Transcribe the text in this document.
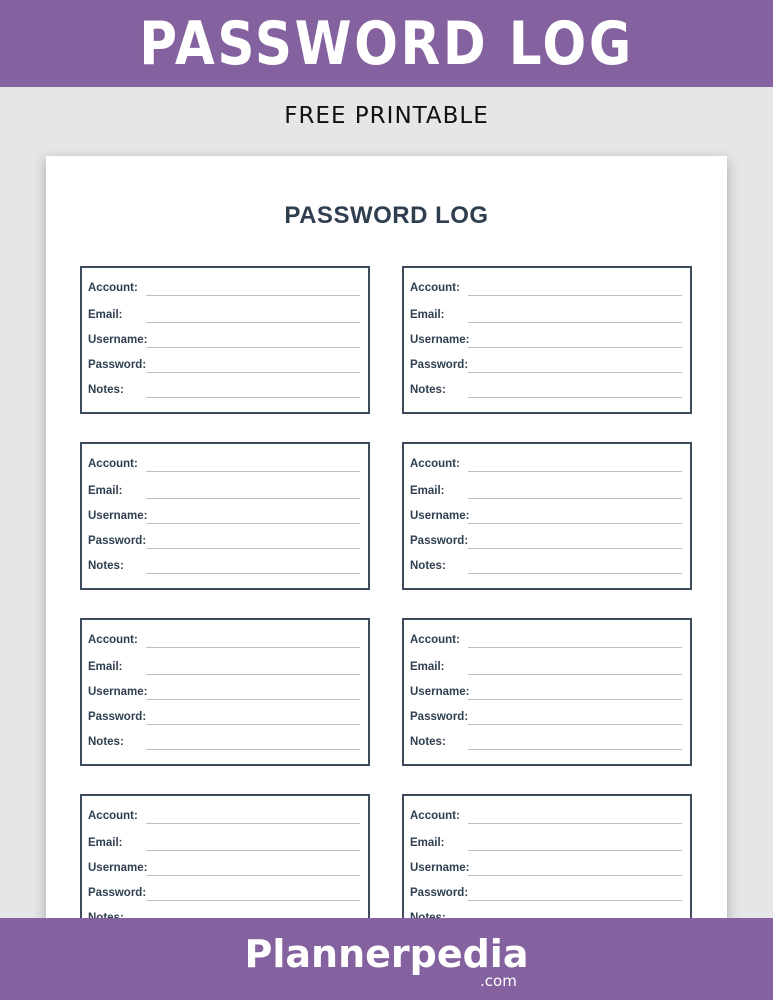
PASSWORD LOG
FREE PRINTABLE
PASSWORD LOG
Account:
Email:
Username:
Password:
Notes:
Account:
Email:
Username:
Password:
Notes:
Account:
Email:
Username:
Password:
Notes:
Account:
Email:
Username:
Password:
Notes:
Account:
Email:
Username:
Password:
Notes:
Account:
Email:
Username:
Password:
Notes:
Account:
Email:
Username:
Password:
Account:
Email:
Username:
Password:
Plannerpedia
.com
